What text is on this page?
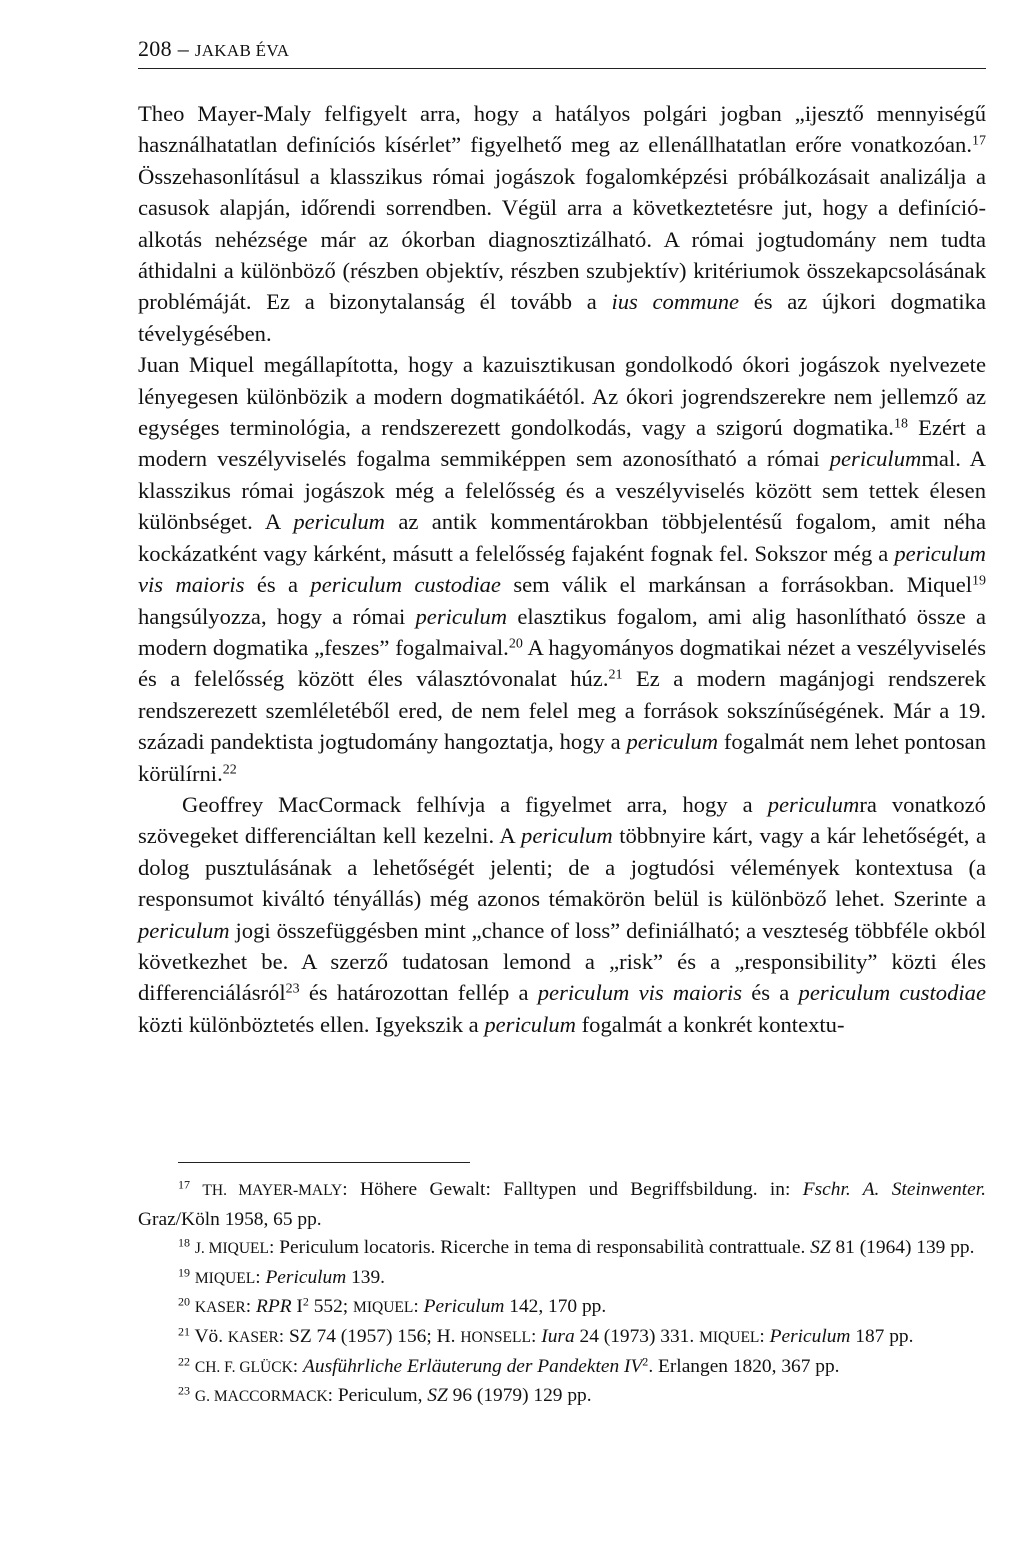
208 – JAKAB ÉVA

Theo Mayer-Maly felfigyelt arra, hogy a hatályos polgári jogban „ijesztő mennyiségű használhatatlan definíciós kísérlet” figyelhető meg az ellenállhatatlan erőre vonatkozóan.$^{17}$ Összehasonlításul a klasszikus római jogászok fogalomképzési próbálkozásait analizálja a casusok alapján, időrendi sorrendben. Végül arra a következtetésre jut, hogy a definíció-alkotás nehézsége már az ókorban diagnosztizálható. A római jogtudomány nem tudta áthidalni a különböző (részben objektív, részben szubjektív) kritériumok összekapcsolásának problémáját. Ez a bizonytalanság él tovább a ius commune és az újkori dogmatika tévelygésében.

Juan Miquel megállapította, hogy a kazuisztikusan gondolkodó ókori jogászok nyelvezete lényegesen különbözik a modern dogmatikáétól. Az ókori jogrendszerekre nem jellemző az egységes terminológia, a rendszerezett gondolkodás, vagy a szigorú dogmatika.$^{18}$ Ezért a modern veszélyviselés fogalma semmiképpen sem azonosítható a római periculummal. A klasszikus római jogászok még a felelősség és a veszélyviselés között sem tettek élesen különbséget. A periculum az antik kommentárokban többjelentésű fogalom, amit néha kockázatként vagy kárként, másutt a felelősség fajaként fognak fel. Sokszor még a periculum vis maioris és a periculum custodiae sem válik el markánsan a forrásokban. Miquel$^{19}$ hangsúlyozza, hogy a római periculum elasztikus fogalom, ami alig hasonlítható össze a modern dogmatika „feszes” fogalmaival.$^{20}$ A hagyományos dogmatikai nézet a veszélyviselés és a felelősség között éles választóvonalat húz.$^{21}$ Ez a modern magánjogi rendszerek rendszerezett szemléletéből ered, de nem felel meg a források sokszínűségének. Már a 19. századi pandektista jogtudomány hangoztatja, hogy a periculum fogalmát nem lehet pontosan körülírni.$^{22}$

Geoffrey MacCormack felhívja a figyelmet arra, hogy a periculumra vonatkozó szövegeket differenciáltan kell kezelni. A periculum többnyire kárt, vagy a kár lehetőségét, a dolog pusztulásának a lehetőségét jelenti; de a jogtudósi vélemények kontextusa (a responsumot kiváltó tényállás) még azonos témakörön belül is különböző lehet. Szerinte a periculum jogi összefüggésben mint „chance of loss” definiálható; a veszteség többféle okból következhet be. A szerző tudatosan lemond a „risk” és a „responsibility” közti éles differenciálásról$^{23}$ és határozottan fellép a periculum vis maioris és a periculum custodiae közti különböztetés ellen. Igyekszik a periculum fogalmát a konkrét kontextu-

$^{17}$ TH. MAYER-MALY: Höhere Gewalt: Falltypen und Begriffsbildung. in: Fschr. A. Steinwenter. Graz/Köln 1958, 65 pp.

$^{18}$ J. MIQUEL: Periculum locatoris. Ricerche in tema di responsabilità contrattuale. SZ 81 (1964) 139 pp.

$^{19}$ MIQUEL: Periculum 139.

$^{20}$ KASER: RPR $I^2$ 552; MIQUEL: Periculum 142, 170 pp.

$^{21}$ Vö. KASER: SZ 74 (1957) 156; H. HONSELL: Iura 24 (1973) 331. MIQUEL: Periculum 187 pp.

$^{22}$ CH. F. GLÜCK: Ausführliche Erläuterung der Pandekten $IV^2$. Erlangen 1820, 367 pp.

$^{23}$ G. MACCORMACK: Periculum, SZ 96 (1979) 129 pp.
